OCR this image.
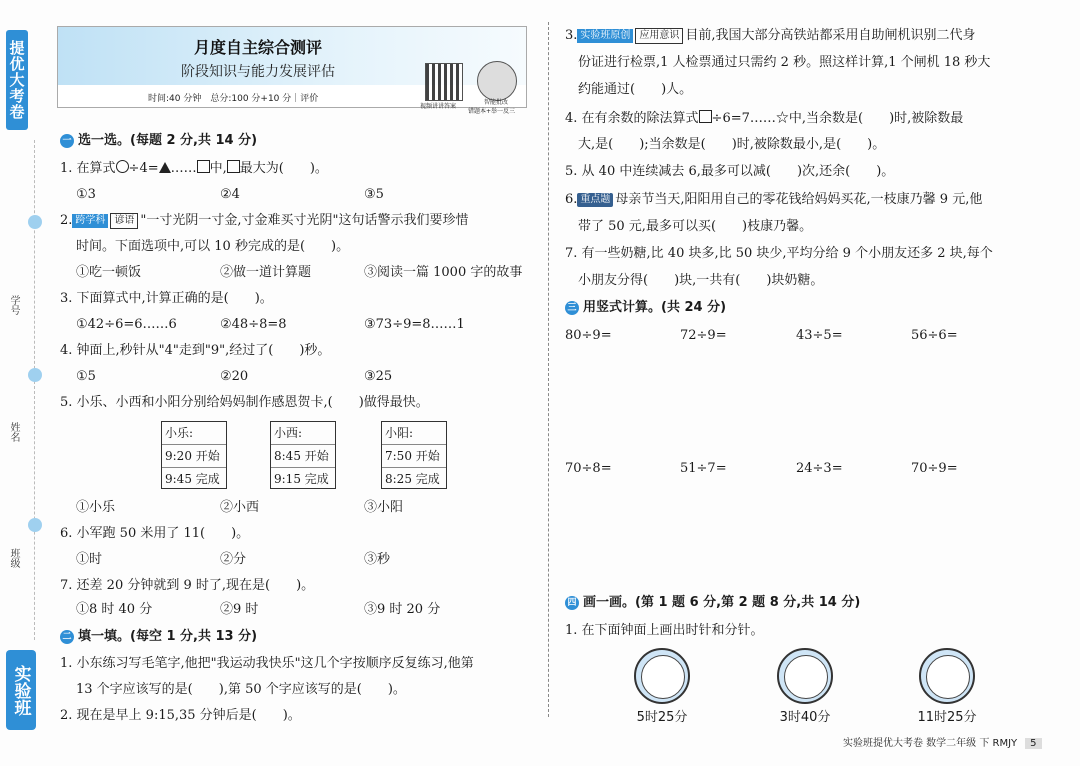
提优大考卷
学号
姓名
班级
实验班
月度自主综合测评
阶段知识与能力发展评估
时间:40 分钟　总分:100 分+10 分｜评价
视频讲讲答案
智能批改
错题本+举一反三
一 选一选。(每题 2 分,共 14 分)
1. 在算式 ÷4= …… 中, 最大为(　　)。
①3	②4	③5
2. 跨学科 谚语 "一寸光阴一寸金,寸金难买寸光阴"这句话警示我们要珍惜
时间。下面选项中,可以 10 秒完成的是(　　)。
①吃一顿饭	②做一道计算题	③阅读一篇 1000 字的故事
3. 下面算式中,计算正确的是(　　)。
①42÷6=6……6	②48÷8=8	③73÷9=8……1
4. 钟面上,秒针从"4"走到"9",经过了(　　)秒。
①5	②20	③25
5. 小乐、小西和小阳分别给妈妈制作感恩贺卡,(　　)做得最快。
小乐:
9:20 开始
9:45 完成
小西:
8:45 开始
9:15 完成
小阳:
7:50 开始
8:25 完成
①小乐	②小西	③小阳
6. 小军跑 50 米用了 11(　　)。
①时	②分	③秒
7. 还差 20 分钟就到 9 时了,现在是(　　)。
①8 时 40 分	②9 时	③9 时 20 分
二 填一填。(每空 1 分,共 13 分)
1. 小东练习写毛笔字,他把"我运动我快乐"这几个字按顺序反复练习,他第
13 个字应该写的是(　　),第 50 个字应该写的是(　　)。
2. 现在是早上 9:15,35 分钟后是(　　)。
3. 实验班原创 应用意识 目前,我国大部分高铁站都采用自助闸机识别二代身
份证进行检票,1 人检票通过只需约 2 秒。照这样计算,1 个闸机 18 秒大
约能通过(　　)人。
4. 在有余数的除法算式 ÷6=7……☆中,当余数是(　　)时,被除数最
大,是(　　);当余数是(　　)时,被除数最小,是(　　)。
5. 从 40 中连续减去 6,最多可以减(　　)次,还余(　　)。
6. 重点题 母亲节当天,阳阳用自己的零花钱给妈妈买花,一枝康乃馨 9 元,他
带了 50 元,最多可以买(　　)枝康乃馨。
7. 有一些奶糖,比 40 块多,比 50 块少,平均分给 9 个小朋友还多 2 块,每个
小朋友分得(　　)块,一共有(　　)块奶糖。
三 用竖式计算。(共 24 分)
80÷9=	72÷9=	43÷5=	56÷6=
70÷8=	51÷7=	24÷3=	70÷9=
四 画一画。(第 1 题 6 分,第 2 题 8 分,共 14 分)
1. 在下面钟面上画出时针和分针。
5时25分	3时40分	11时25分
实验班提优大考卷 数学二年级 下 RMJY 5
